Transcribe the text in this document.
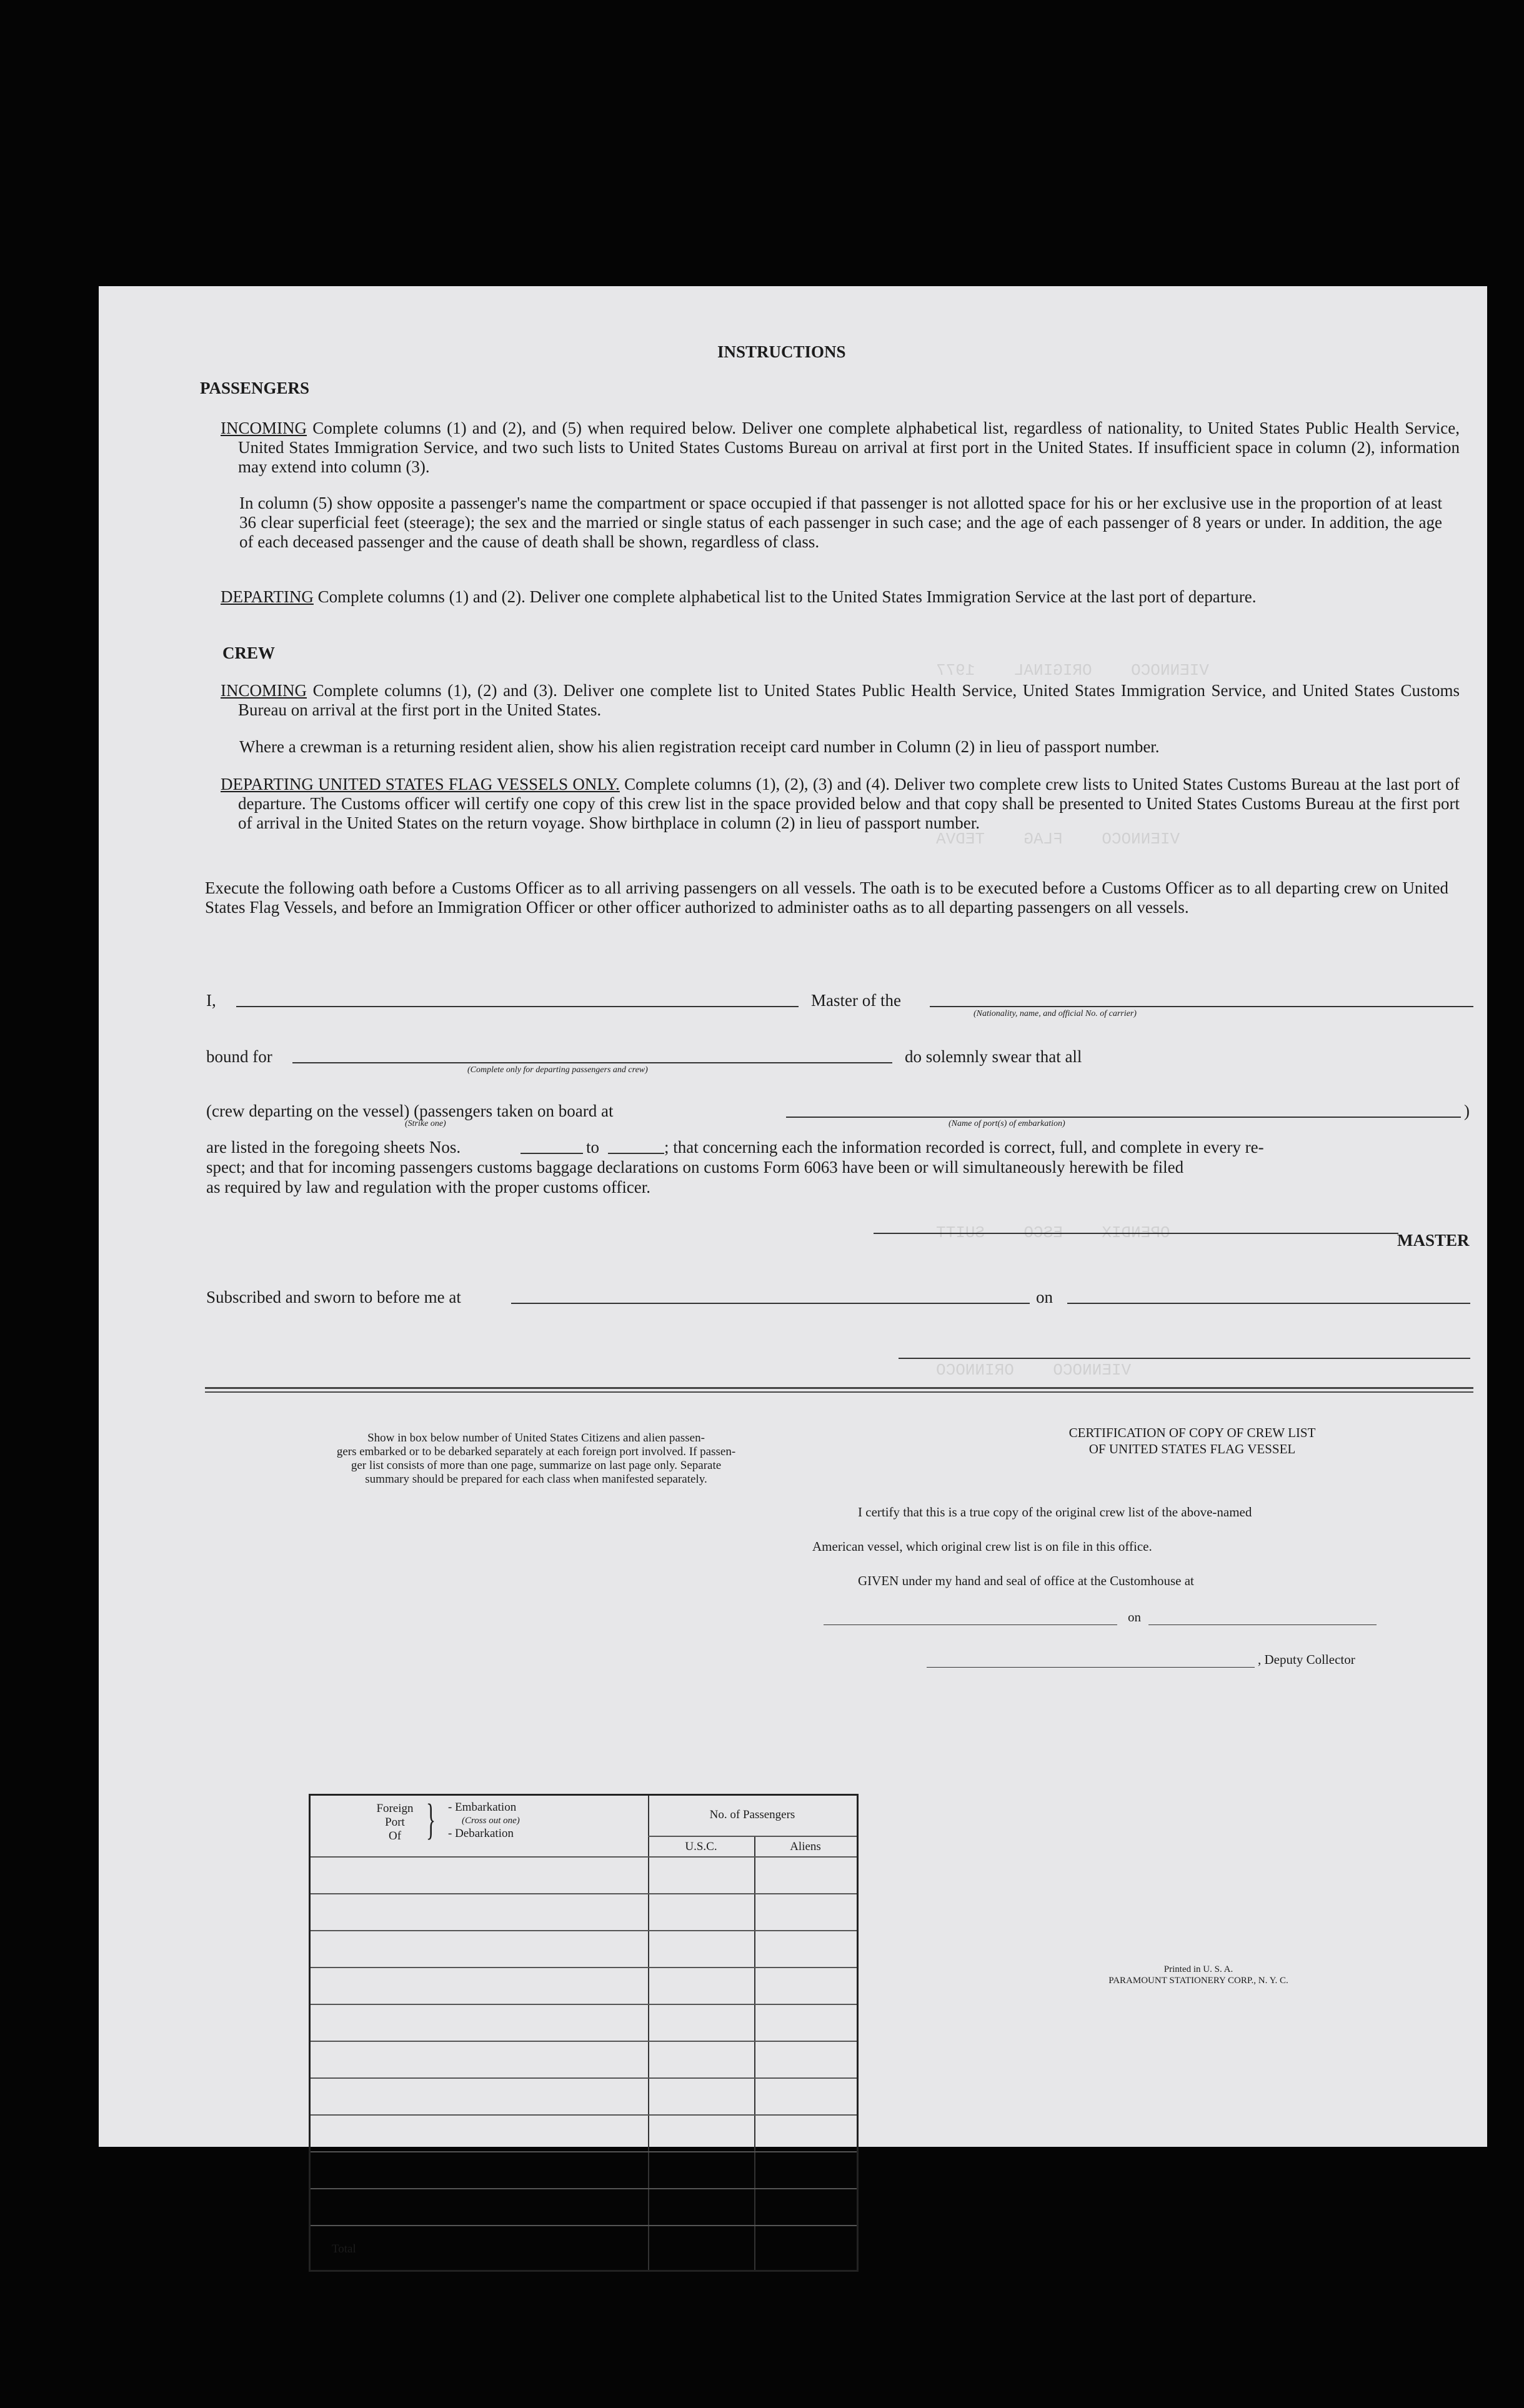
VIENNOCO    ORIGINAL    1977
VIENNOCO    FLAG    TEDVA
OPENDIX    ESCO    SUITT
VIENNOCO    ORINNOCO
INSTRUCTIONS
PASSENGERS

INCOMING Complete columns (1) and (2), and (5) when required below. Deliver one complete alphabetical list, regardless of nationality, to United States Public Health Service, United States Immigration Service, and two such lists to United States Customs Bureau on arrival at first port in the United States. If insufficient space in column (2), information may extend into column (3).

In column (5) show opposite a passenger's name the compartment or space occupied if that passenger is not allotted space for his or her exclusive use in the proportion of at least 36 clear superficial feet (steerage); the sex and the married or single status of each passenger in such case; and the age of each passenger of 8 years or under. In addition, the age of each deceased passenger and the cause of death shall be shown, regardless of class.

DEPARTING Complete columns (1) and (2). Deliver one complete alphabetical list to the United States Immigration Service at the last port of departure.

CREW

INCOMING Complete columns (1), (2) and (3). Deliver one complete list to United States Public Health Service, United States Immigration Service, and United States Customs Bureau on arrival at the first port in the United States.

Where a crewman is a returning resident alien, show his alien registration receipt card number in Column (2) in lieu of passport number.

DEPARTING UNITED STATES FLAG VESSELS ONLY. Complete columns (1), (2), (3) and (4). Deliver two complete crew lists to United States Customs Bureau at the last port of departure. The Customs officer will certify one copy of this crew list in the space provided below and that copy shall be presented to United States Customs Bureau at the first port of arrival in the United States on the return voyage. Show birthplace in column (2) in lieu of passport number.

Execute the following oath before a Customs Officer as to all arriving passengers on all vessels. The oath is to be executed before a Customs Officer as to all departing crew on United States Flag Vessels, and before an Immigration Officer or other officer authorized to administer oaths as to all departing passengers on all vessels.

I,	Master of the
(Nationality, name, and official No. of carrier)
bound for
(Complete only for departing passengers and crew)
do solemnly swear that all
(crew departing on the vessel) (passengers taken on board at	)
(Strike one)	(Name of port(s) of embarkation)
are listed in the foregoing sheets Nos.	to	; that concerning each the information recorded is correct, full, and complete in every re-
spect; and that for incoming passengers customs baggage declarations on customs Form 6063 have been or will simultaneously herewith be filed
as required by law and regulation with the proper customs officer.
MASTER
Subscribed and sworn to before me at	on
Show in box below number of United States Citizens and alien passen-
gers embarked or to be debarked separately at each foreign port involved. If passen-
ger list consists of more than one page, summarize on last page only. Separate
summary should be prepared for each class when manifested separately.
Foreign
Port
Of } - Embarkation
(Cross out one)
- Debarkation
No. of Passengers
U.S.C.	Aliens
Total
CERTIFICATION OF COPY OF CREW LIST
OF UNITED STATES FLAG VESSEL
I certify that this is a true copy of the original crew list of the above-named
American vessel, which original crew list is on file in this office.
GIVEN under my hand and seal of office at the Customhouse at
on
, Deputy Collector
Printed in U. S. A.
PARAMOUNT STATIONERY CORP., N. Y. C.
